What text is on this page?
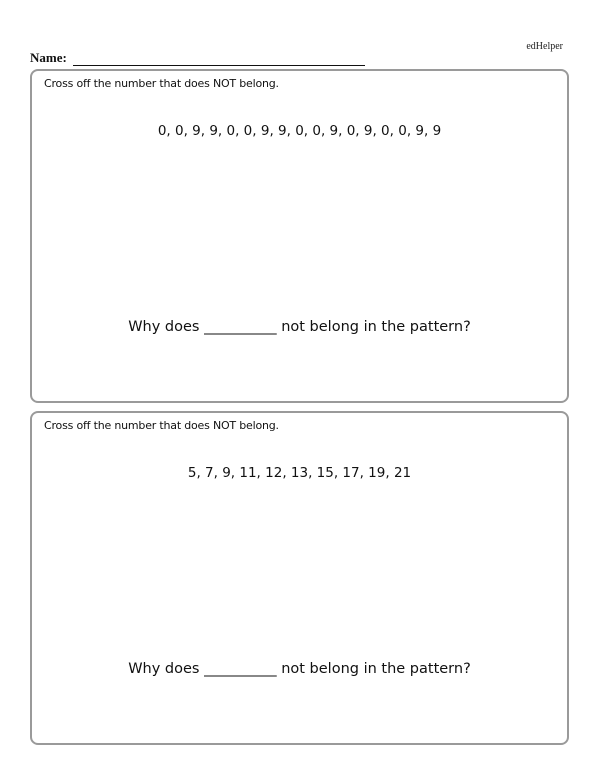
edHelper
Name:
Cross off the number that does NOT belong.
0, 0, 9, 9, 0, 0, 9, 9, 0, 0, 9, 0, 9, 0, 0, 9, 9
Why does __________ not belong in the pattern?
Cross off the number that does NOT belong.
5, 7, 9, 11, 12, 13, 15, 17, 19, 21
Why does __________ not belong in the pattern?
